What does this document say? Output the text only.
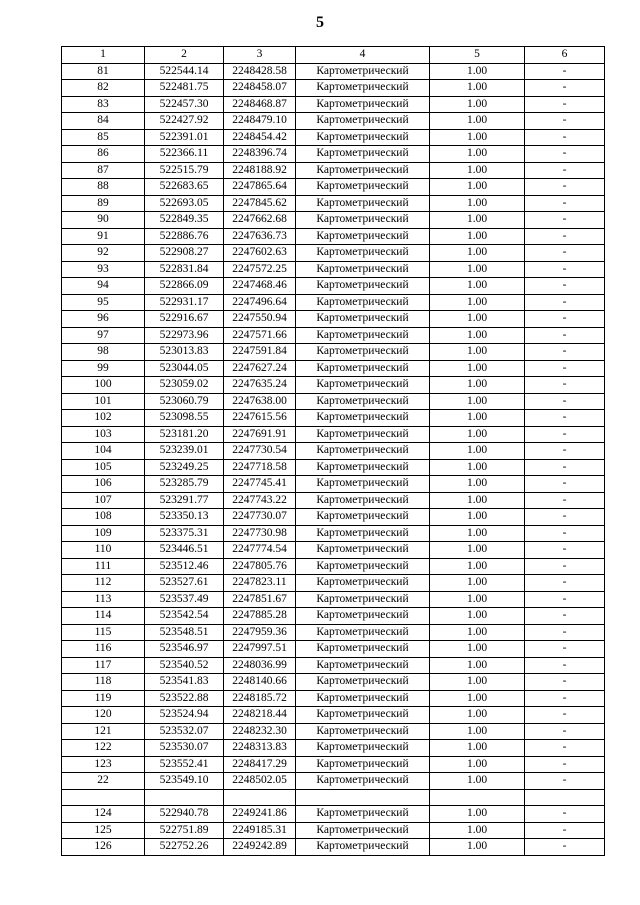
5
1	2	3	4	5	6
81	522544.14	2248428.58	Картометрический	1.00	-
82	522481.75	2248458.07	Картометрический	1.00	-
83	522457.30	2248468.87	Картометрический	1.00	-
84	522427.92	2248479.10	Картометрический	1.00	-
85	522391.01	2248454.42	Картометрический	1.00	-
86	522366.11	2248396.74	Картометрический	1.00	-
87	522515.79	2248188.92	Картометрический	1.00	-
88	522683.65	2247865.64	Картометрический	1.00	-
89	522693.05	2247845.62	Картометрический	1.00	-
90	522849.35	2247662.68	Картометрический	1.00	-
91	522886.76	2247636.73	Картометрический	1.00	-
92	522908.27	2247602.63	Картометрический	1.00	-
93	522831.84	2247572.25	Картометрический	1.00	-
94	522866.09	2247468.46	Картометрический	1.00	-
95	522931.17	2247496.64	Картометрический	1.00	-
96	522916.67	2247550.94	Картометрический	1.00	-
97	522973.96	2247571.66	Картометрический	1.00	-
98	523013.83	2247591.84	Картометрический	1.00	-
99	523044.05	2247627.24	Картометрический	1.00	-
100	523059.02	2247635.24	Картометрический	1.00	-
101	523060.79	2247638.00	Картометрический	1.00	-
102	523098.55	2247615.56	Картометрический	1.00	-
103	523181.20	2247691.91	Картометрический	1.00	-
104	523239.01	2247730.54	Картометрический	1.00	-
105	523249.25	2247718.58	Картометрический	1.00	-
106	523285.79	2247745.41	Картометрический	1.00	-
107	523291.77	2247743.22	Картометрический	1.00	-
108	523350.13	2247730.07	Картометрический	1.00	-
109	523375.31	2247730.98	Картометрический	1.00	-
110	523446.51	2247774.54	Картометрический	1.00	-
111	523512.46	2247805.76	Картометрический	1.00	-
112	523527.61	2247823.11	Картометрический	1.00	-
113	523537.49	2247851.67	Картометрический	1.00	-
114	523542.54	2247885.28	Картометрический	1.00	-
115	523548.51	2247959.36	Картометрический	1.00	-
116	523546.97	2247997.51	Картометрический	1.00	-
117	523540.52	2248036.99	Картометрический	1.00	-
118	523541.83	2248140.66	Картометрический	1.00	-
119	523522.88	2248185.72	Картометрический	1.00	-
120	523524.94	2248218.44	Картометрический	1.00	-
121	523532.07	2248232.30	Картометрический	1.00	-
122	523530.07	2248313.83	Картометрический	1.00	-
123	523552.41	2248417.29	Картометрический	1.00	-
22	523549.10	2248502.05	Картометрический	1.00	-

124	522940.78	2249241.86	Картометрический	1.00	-
125	522751.89	2249185.31	Картометрический	1.00	-
126	522752.26	2249242.89	Картометрический	1.00	-
